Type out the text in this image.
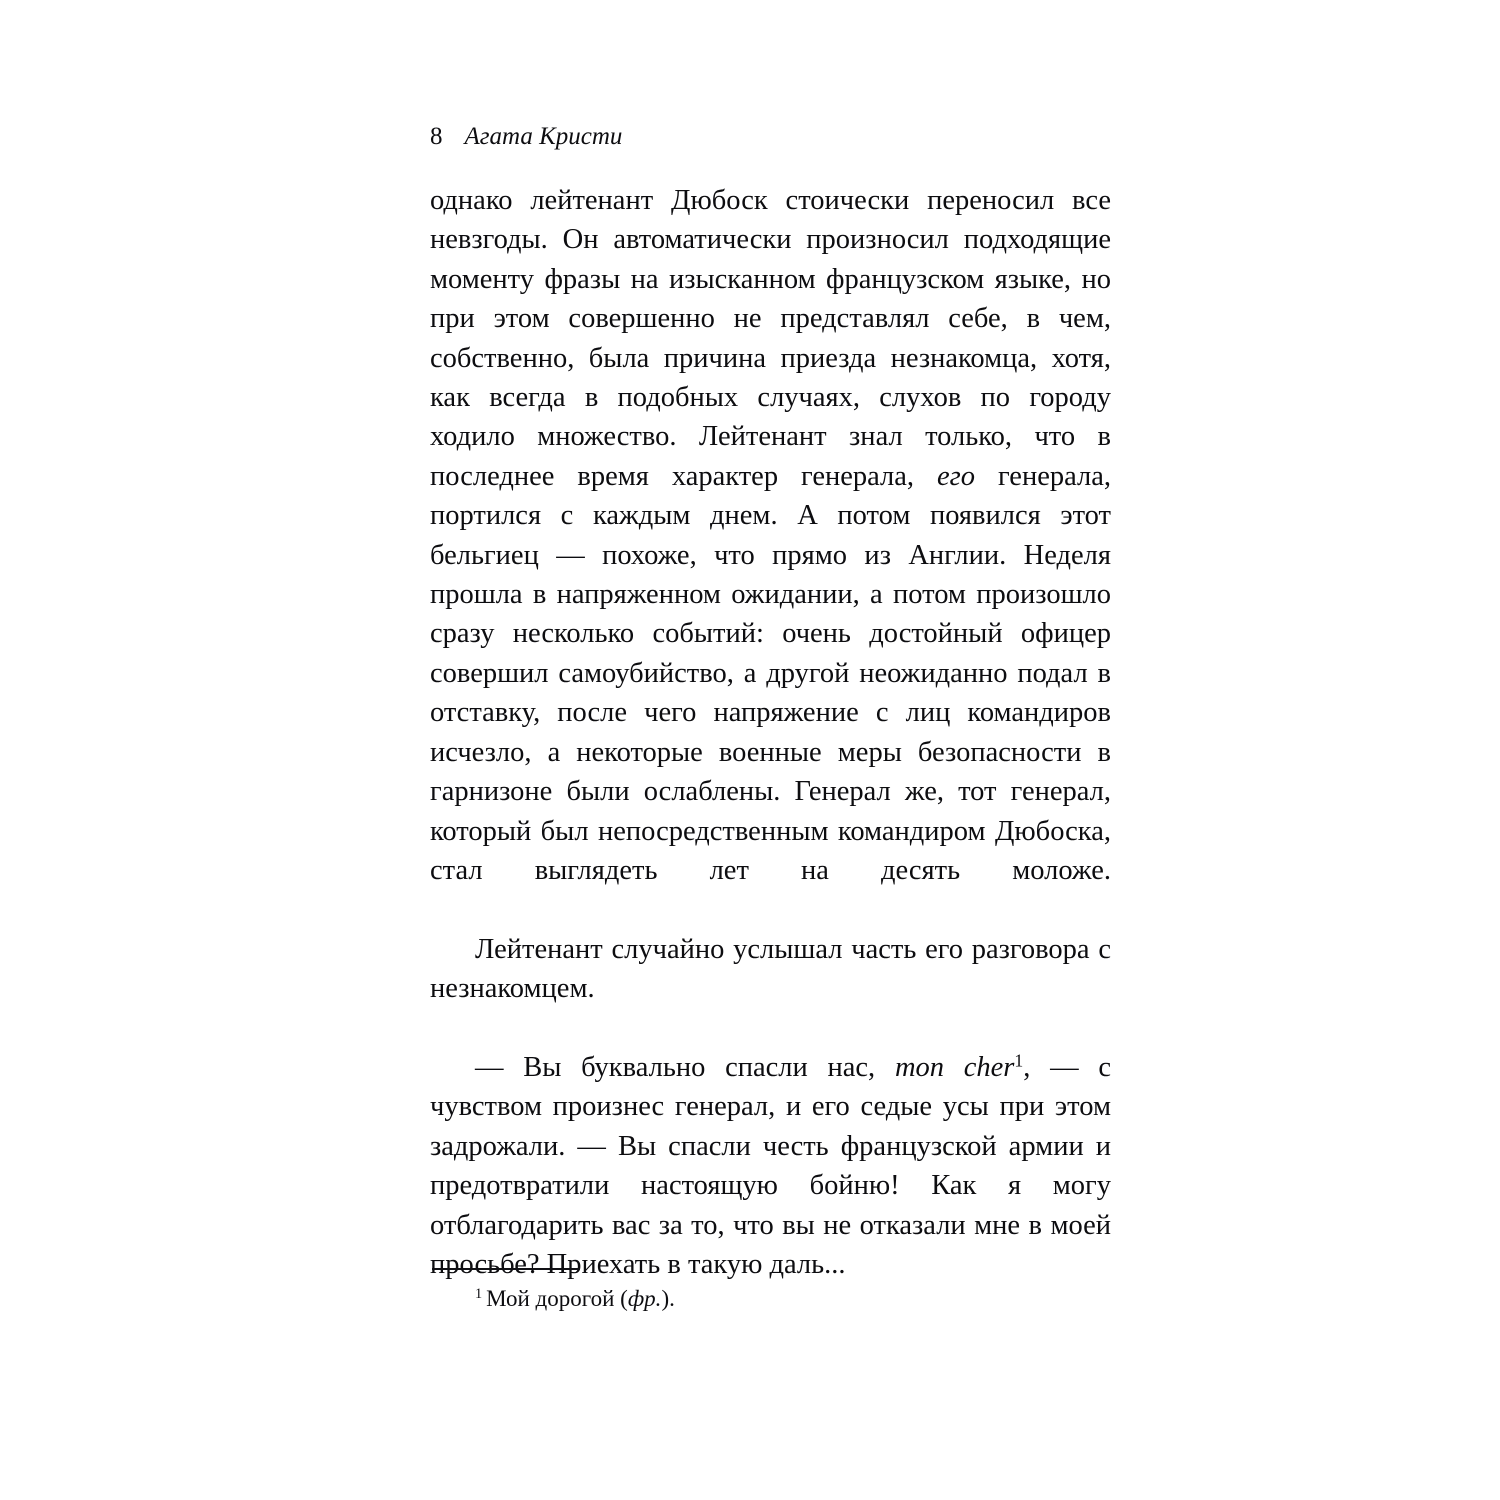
8 Агата Кристи

однако лейтенант Дюбоск стоически переносил все невзгоды. Он автоматически произносил подходящие моменту фразы на изысканном французском языке, но при этом совершенно не представлял себе, в чем, собственно, была причина приезда незнакомца, хотя, как всегда в подобных случаях, слухов по городу ходило множество. Лейтенант знал только, что в последнее время характер генерала, его генерала, портился с каждым днем. А потом появился этот бельгиец — похоже, что прямо из Англии. Неделя прошла в напряженном ожидании, а потом произошло сразу несколько событий: очень достойный офицер совершил самоубийство, а другой неожиданно подал в отставку, после чего напряжение с лиц командиров исчезло, а некоторые военные меры безопасности в гарнизоне были ослаблены. Генерал же, тот генерал, который был непосредственным командиром Дюбоска, стал выглядеть лет на десять моложе.

Лейтенант случайно услышал часть его разговора с незнакомцем.

— Вы буквально спасли нас, mon cher$^1$, — с чувством произнес генерал, и его седые усы при этом задрожали. — Вы спасли честь французской армии и предотвратили настоящую бойню! Как я могу отблагодарить вас за то, что вы не отказали мне в моей просьбе? Приехать в такую даль...

$^1$ Мой дорогой (фр.).
